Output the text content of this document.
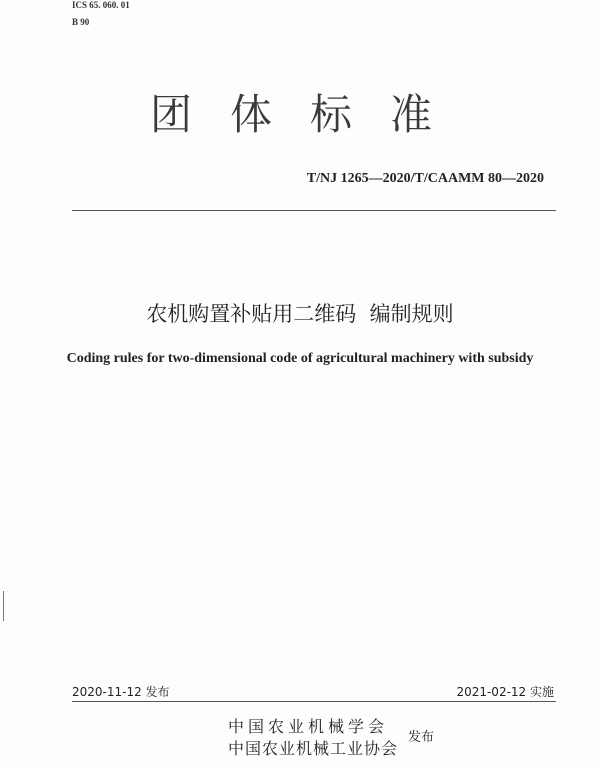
ICS 65. 060. 01
B 90
团体标准
T/NJ 1265—2020/T/CAAMM 80—2020
农机购置补贴用二维码  编制规则
Coding rules for two-dimensional code of agricultural machinery with subsidy
2020-11-12 发布	2021-02-12 实施
中国农业机械学会
中国农业机械工业协会
发布
